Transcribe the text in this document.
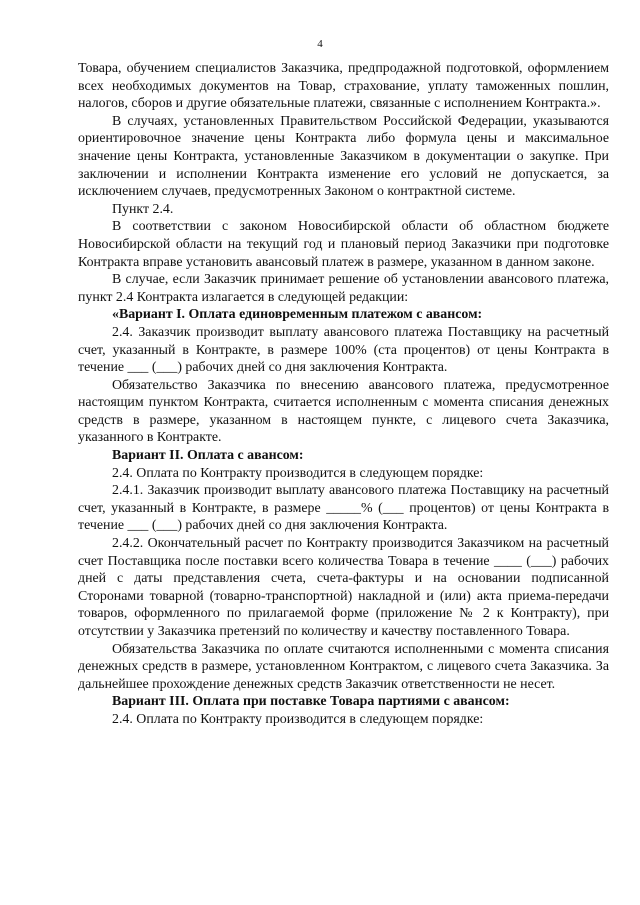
4

Товара, обучением специалистов Заказчика, предпродажной подготовкой, оформлением всех необходимых документов на Товар, страхование, уплату таможенных пошлин, налогов, сборов и другие обязательные платежи, связанные с исполнением Контракта.».

В случаях, установленных Правительством Российской Федерации, указываются ориентировочное значение цены Контракта либо формула цены и максимальное значение цены Контракта, установленные Заказчиком в документации о закупке. При заключении и исполнении Контракта изменение его условий не допускается, за исключением случаев, предусмотренных Законом о контрактной системе.

Пункт 2.4.

В соответствии с законом Новосибирской области об областном бюджете Новосибирской области на текущий год и плановый период Заказчики при подготовке Контракта вправе установить авансовый платеж в размере, указанном в данном законе.

В случае, если Заказчик принимает решение об установлении авансового платежа, пункт 2.4 Контракта излагается в следующей редакции:

«Вариант I. Оплата единовременным платежом с авансом:

2.4. Заказчик производит выплату авансового платежа Поставщику на расчетный счет, указанный в Контракте, в размере 100% (ста процентов) от цены Контракта в течение ___ (___) рабочих дней со дня заключения Контракта.

Обязательство Заказчика по внесению авансового платежа, предусмотренное настоящим пунктом Контракта, считается исполненным с момента списания денежных средств в размере, указанном в настоящем пункте, с лицевого счета Заказчика, указанного в Контракте.

Вариант II. Оплата с авансом:

2.4. Оплата по Контракту производится в следующем порядке:

2.4.1. Заказчик производит выплату авансового платежа Поставщику на расчетный счет, указанный в Контракте, в размере _____% (___ процентов) от цены Контракта в течение ___ (___) рабочих дней со дня заключения Контракта.

2.4.2. Окончательный расчет по Контракту производится Заказчиком на расчетный счет Поставщика после поставки всего количества Товара в течение ____ (___) рабочих дней с даты представления счета, счета-фактуры и на основании подписанной Сторонами товарной (товарно-транспортной) накладной и (или) акта приема-передачи товаров, оформленного по прилагаемой форме (приложение № 2 к Контракту), при отсутствии у Заказчика претензий по количеству и качеству поставленного Товара.

Обязательства Заказчика по оплате считаются исполненными с момента списания денежных средств в размере, установленном Контрактом, с лицевого счета Заказчика. За дальнейшее прохождение денежных средств Заказчик ответственности не несет.

Вариант III. Оплата при поставке Товара партиями с авансом:

2.4. Оплата по Контракту производится в следующем порядке:
